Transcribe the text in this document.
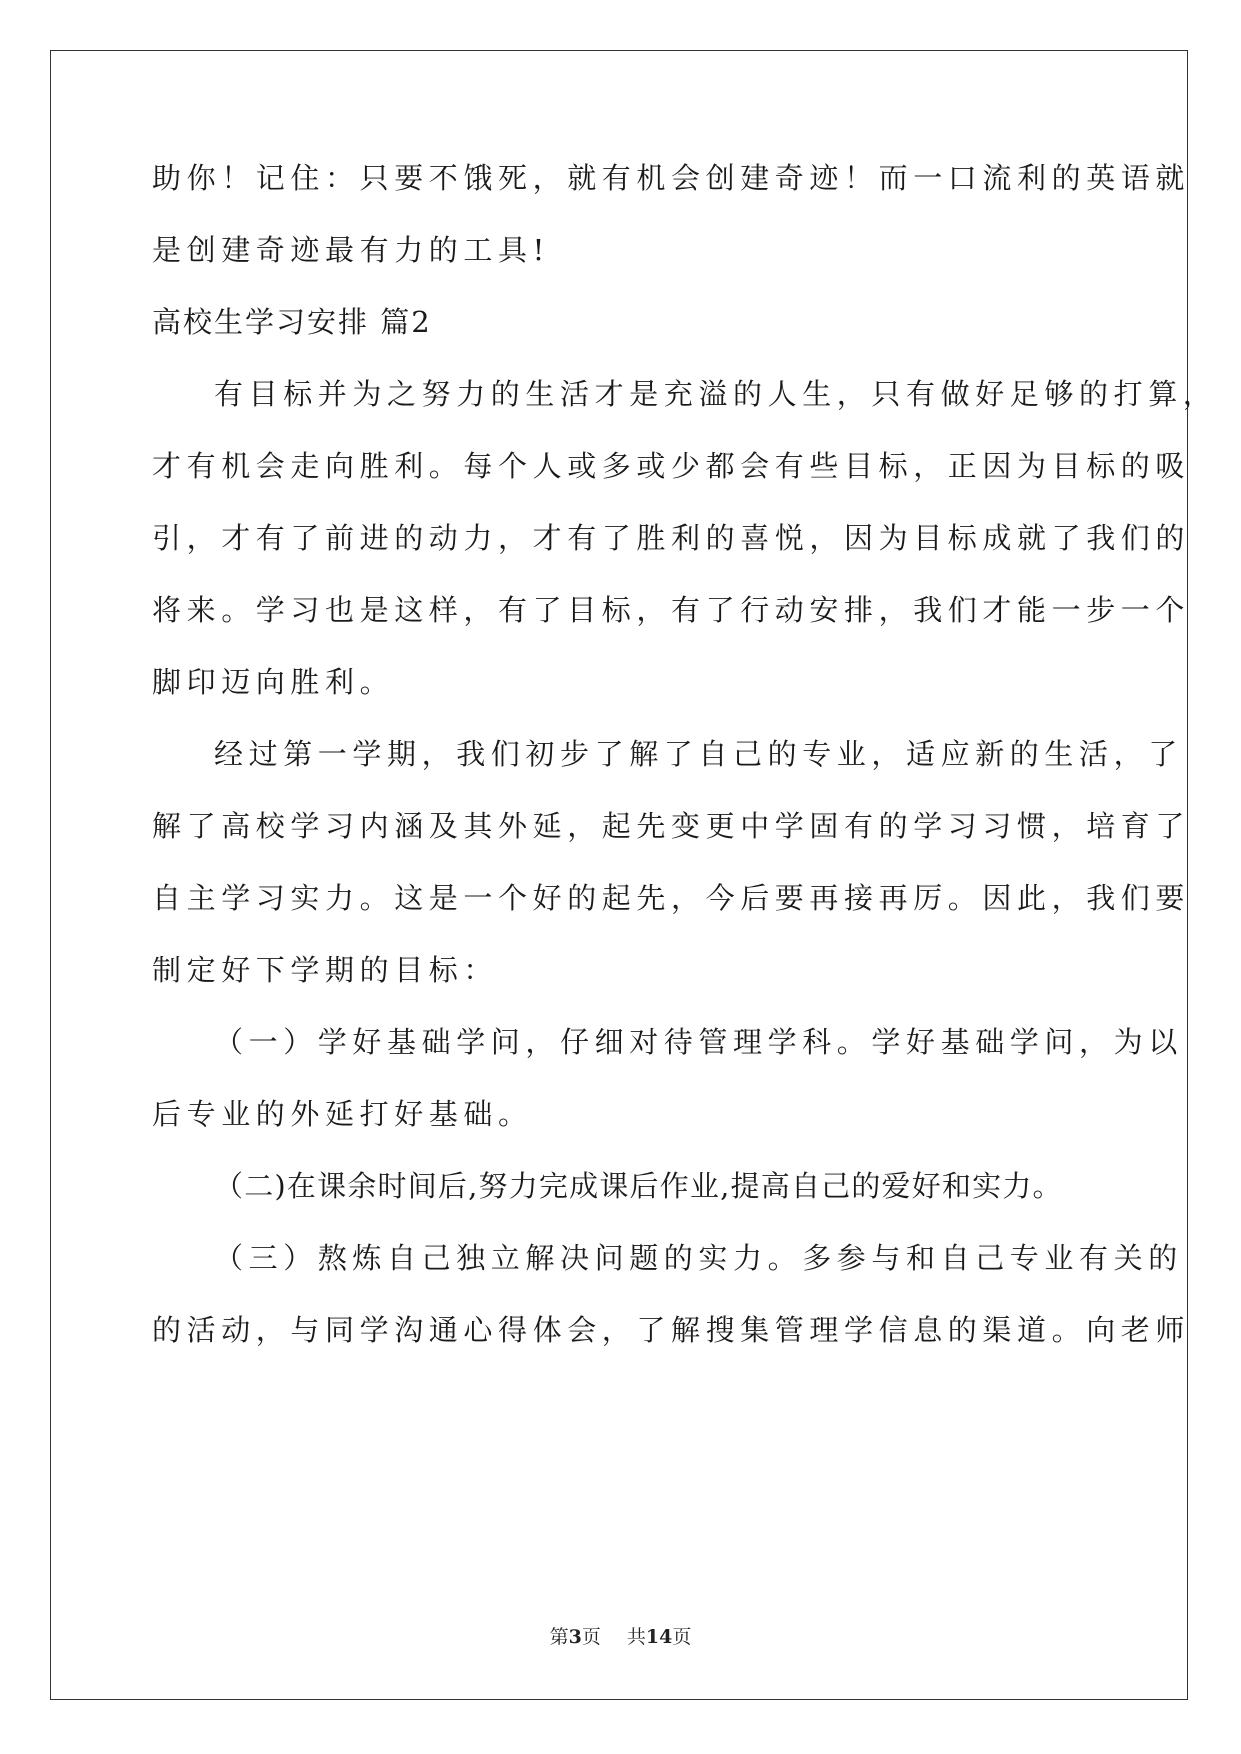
助你！记住：只要不饿死，就有机会创建奇迹！而一口流利的英语就
是创建奇迹最有力的工具!
高校生学习安排 篇2
有目标并为之努力的生活才是充溢的人生，只有做好足够的打算，
才有机会走向胜利。每个人或多或少都会有些目标，正因为目标的吸
引，才有了前进的动力，才有了胜利的喜悦，因为目标成就了我们的
将来。学习也是这样，有了目标，有了行动安排，我们才能一步一个
脚印迈向胜利。
经过第一学期，我们初步了解了自己的专业，适应新的生活，了
解了高校学习内涵及其外延，起先变更中学固有的学习习惯，培育了
自主学习实力。这是一个好的起先，今后要再接再厉。因此，我们要
制定好下学期的目标：
（一）学好基础学问，仔细对待管理学科。学好基础学问，为以
后专业的外延打好基础。
（二)在课余时间后,努力完成课后作业,提高自己的爱好和实力。
（三）熬炼自己独立解决问题的实力。多参与和自己专业有关的
的活动，与同学沟通心得体会，了解搜集管理学信息的渠道。向老师
第3页 共14页
